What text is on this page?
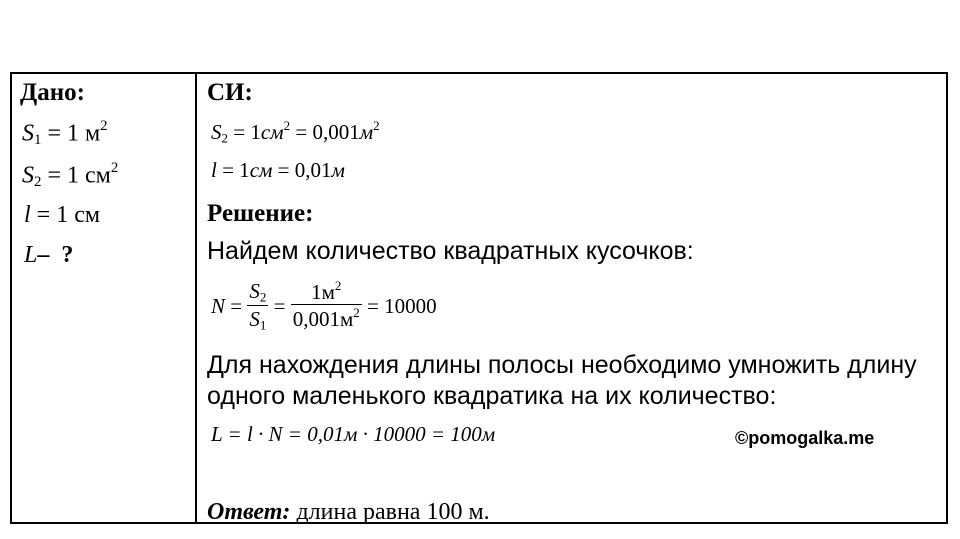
Дано:
$S_1 = 1$ $м^2$
$S_2 = 1$ $см^2$
l = 1 см
L– ?
СИ:
$S_2 = 1см^2 = 0,001м^2$
l = 1см = 0,01м
Решение:
Найдем количество квадратных кусочков:
$N = \frac{S_2}{S_1} = \frac{1м^2}{0,001м^2}$
= 10000
Для нахождения длины полосы необходимо умножить длину
одного маленького квадратика на их количество:
L = l · N = 0,01м · 10000 = 100м	©pomogalka.me
Ответ: длина равна 100 м.
